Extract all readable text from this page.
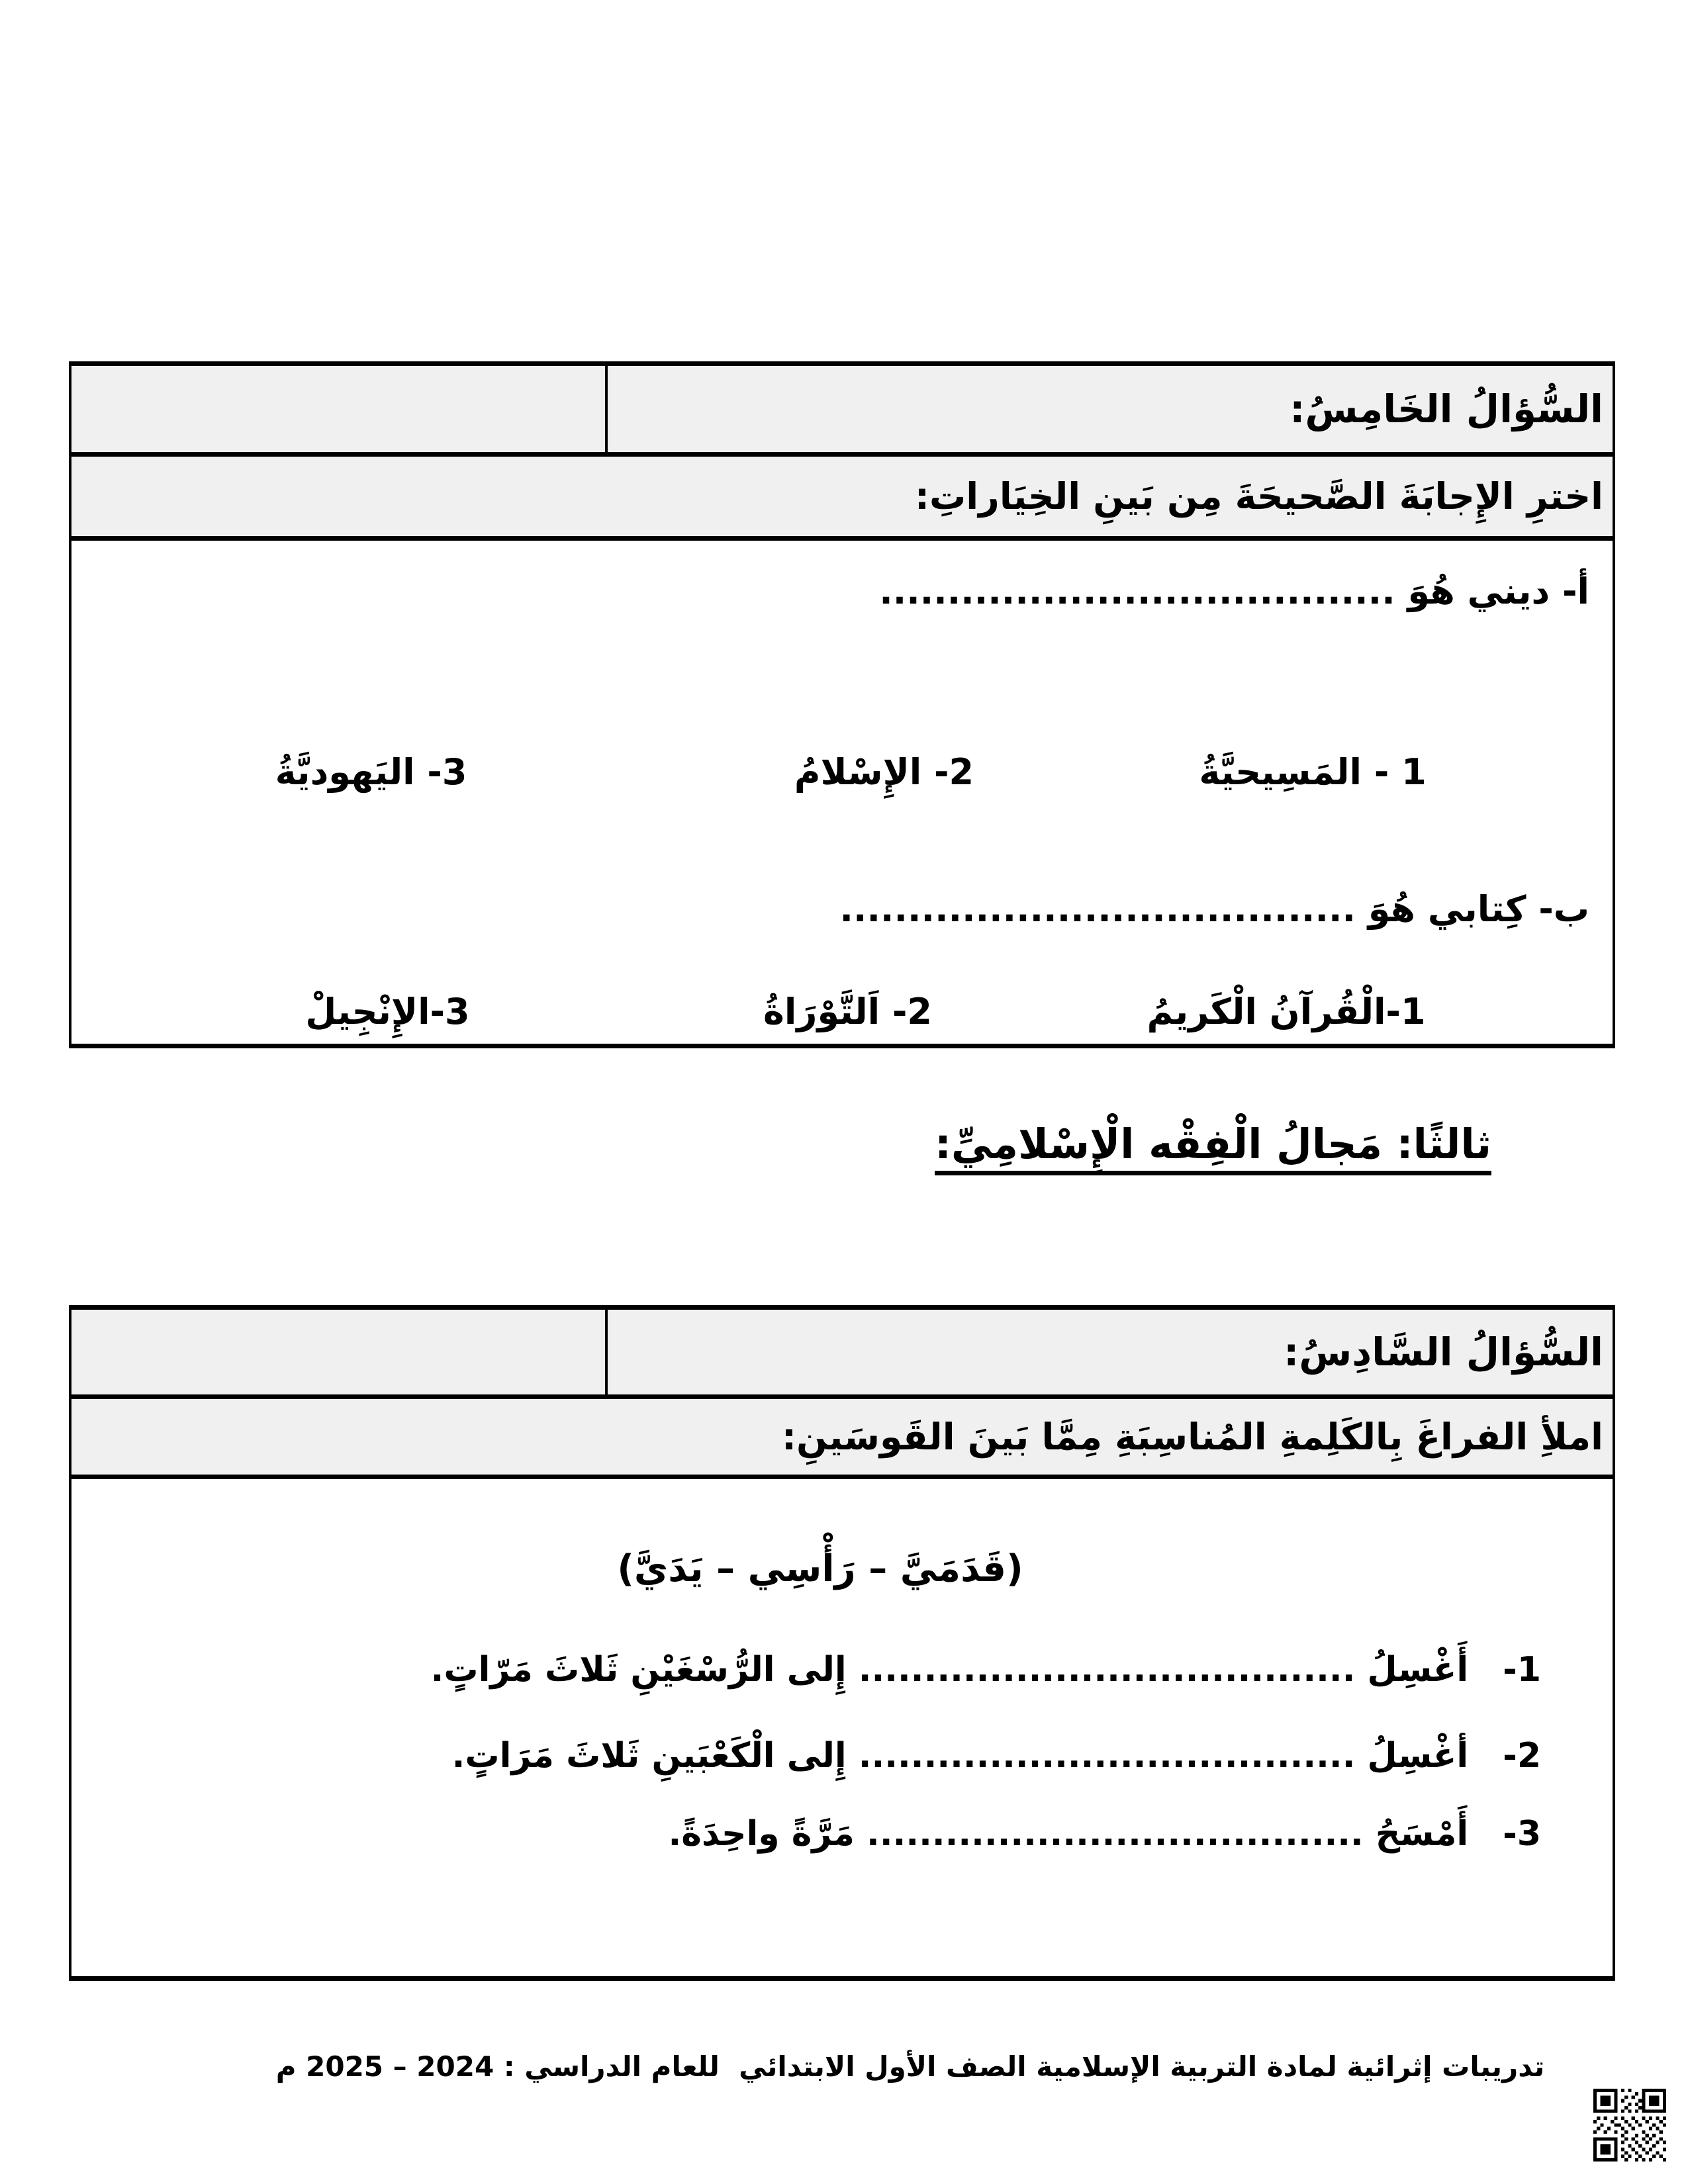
السُّؤالُ الخَامِسُ:
اخترِ الإِجابَةَ الصَّحيحَةَ مِن بَينِ الخِيَاراتِ:
أ- ديني هُوَ ......................................
1 - المَسِيحيَّةُ
2- الإِسْلامُ
3- اليَهوديَّةُ
ب- كِتابي هُوَ ......................................
1-الْقُرآنُ الْكَريمُ
2- اَلتَّوْرَاةُ
3-الإِنْجِيلْ
ثالثًا: مَجالُ الْفِقْه الْإِسْلامِيِّ:
السُّؤالُ السَّادِسُ:
املأِ الفراغَ بِالكَلِمةِ المُناسِبَةِ مِمَّا بَينَ القَوسَينِ:
(قَدَمَيَّ – رَأْسِي – يَدَيَّ)
1- أَغْسِلُ ...................................... إِلى الرُّسْغَيْنِ ثَلاثَ مَرّاتٍ.
2- أغْسِلُ ...................................... إِلى الْكَعْبَينِ ثَلاثَ مَرَاتٍ.
3- أَمْسَحُ ...................................... مَرَّةً واحِدَةً.
تدريبات إثرائية لمادة التربية الإسلامية الصف الأول الابتدائي  للعام الدراسي : 2024 – 2025 م
